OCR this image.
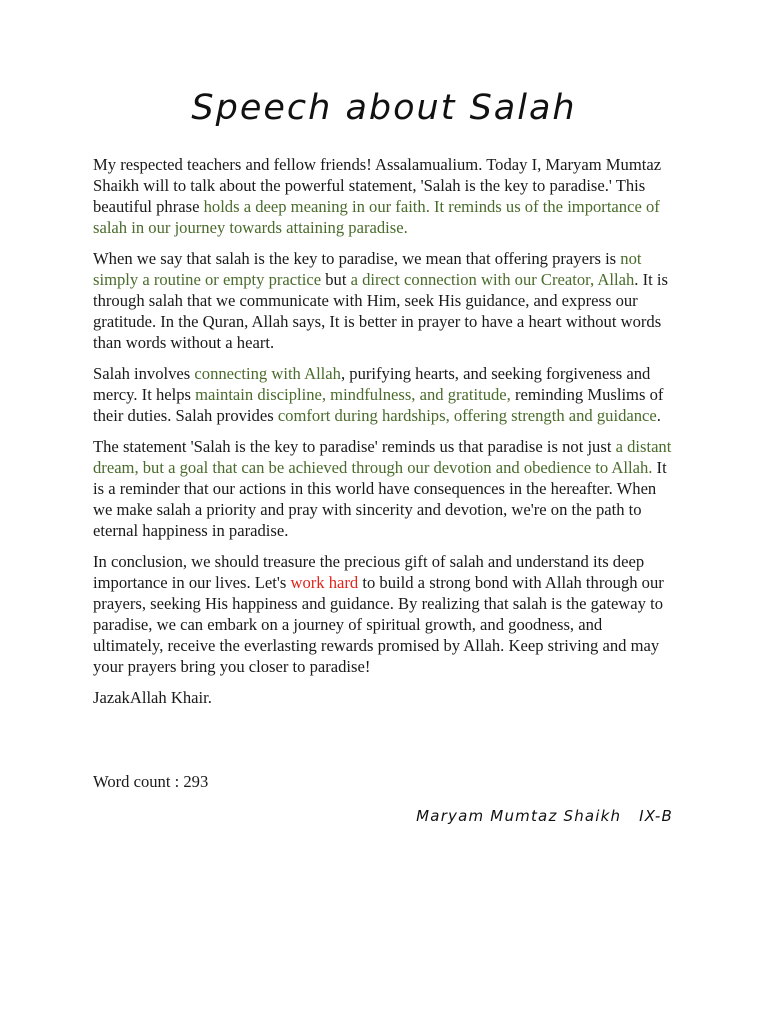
Speech about Salah

My respected teachers and fellow friends! Assalamualium. Today I, Maryam Mumtaz Shaikh will to talk about the powerful statement, 'Salah is the key to paradise.' This beautiful phrase holds a deep meaning in our faith. It reminds us of the importance of salah in our journey towards attaining paradise.

When we say that salah is the key to paradise, we mean that offering prayers is not simply a routine or empty practice but a direct connection with our Creator, Allah. It is through salah that we communicate with Him, seek His guidance, and express our gratitude. In the Quran, Allah says, It is better in prayer to have a heart without words than words without a heart.

Salah involves connecting with Allah, purifying hearts, and seeking forgiveness and mercy. It helps maintain discipline, mindfulness, and gratitude, reminding Muslims of their duties. Salah provides comfort during hardships, offering strength and guidance.

The statement 'Salah is the key to paradise' reminds us that paradise is not just a distant dream, but a goal that can be achieved through our devotion and obedience to Allah. It is a reminder that our actions in this world have consequences in the hereafter. When we make salah a priority and pray with sincerity and devotion, we're on the path to eternal happiness in paradise.

In conclusion, we should treasure the precious gift of salah and understand its deep importance in our lives. Let's work hard to build a strong bond with Allah through our prayers, seeking His happiness and guidance. By realizing that salah is the gateway to paradise, we can embark on a journey of spiritual growth, and goodness, and ultimately, receive the everlasting rewards promised by Allah. Keep striving and may your prayers bring you closer to paradise!

JazakAllah Khair.

Word count : 293
Maryam Mumtaz Shaikh   IX-B
